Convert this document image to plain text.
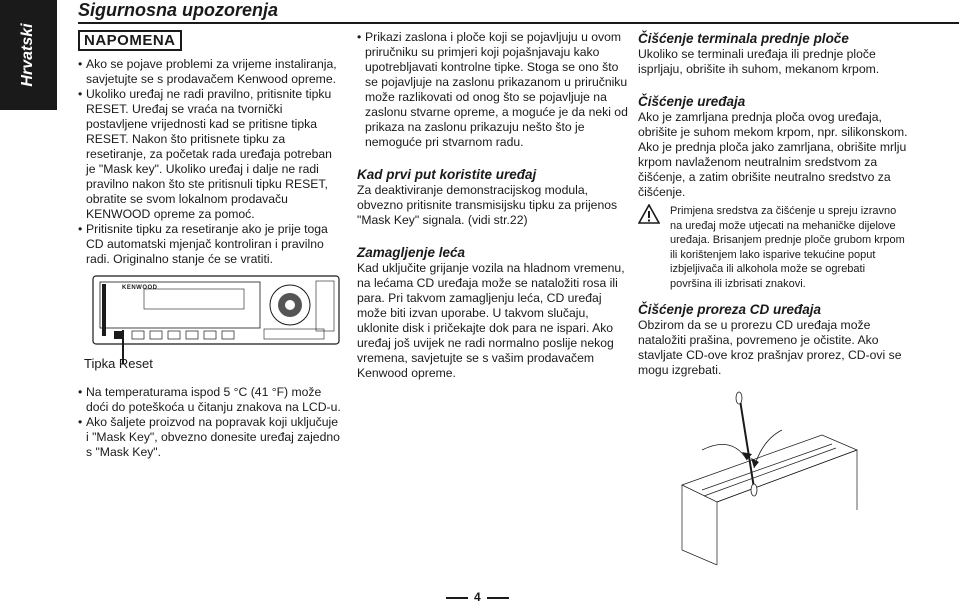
Hrvatski
Sigurnosna upozorenja
NAPOMENA
• Ako se pojave problemi za vrijeme instaliranja, savjetujte se s prodavačem Kenwood opreme.
• Ukoliko uređaj ne radi pravilno, pritisnite tipku RESET. Uređaj se vraća na tvornički postavljene vrijednosti kad se pritisne tipka RESET. Nakon što pritisnete tipku za resetiranje, za početak rada uređaja potreban je "Mask key". Ukoliko uređaj i dalje ne radi pravilno nakon što ste pritisnuli tipku RESET, obratite se svom lokalnom prodavaču KENWOOD opreme za pomoć.
• Pritisnite tipku za resetiranje ako je prije toga CD automatski mjenjač kontroliran i pravilno radi. Originalno stanje će se vratiti.
KENWOOD
Tipka Reset
• Na temperaturama ispod 5 °C (41 °F) može doći do poteškoća u čitanju znakova na LCD-u.
• Ako šaljete proizvod na popravak koji uključuje i "Mask Key", obvezno donesite uređaj zajedno s "Mask Key".
• Prikazi zaslona i ploče koji se pojavljuju u ovom priručniku su primjeri koji pojašnjavaju kako upotrebljavati kontrolne tipke. Stoga se ono što se pojavljuje na zaslonu prikazanom u priručniku može razlikovati od onog što se pojavljuje na zaslonu stvarne opreme, a moguće je da neki od prikaza na zaslonu prikazuju nešto što je nemoguće pri stvarnom radu.
Kad prvi put koristite uređaj

Za deaktiviranje demonstracijskog modula, obvezno pritisnite transmisijsku tipku za prijenos "Mask Key" signala. (vidi str.22)

Zamagljenje leća

Kad uključite grijanje vozila na hladnom vremenu, na lećama CD uređaja može se nataložiti rosa ili para. Pri takvom zamagljenju leća, CD uređaj može biti izvan uporabe. U takvom slučaju, uklonite disk i pričekajte dok para ne ispari. Ako uređaj još uvijek ne radi normalno poslije nekog vremena, savjetujte se s vašim prodavačem Kenwood opreme.

Čišćenje terminala prednje ploče

Ukoliko se terminali uređaja ili prednje ploče isprljaju, obrišite ih suhom, mekanom krpom.

Čišćenje uređaja

Ako je zamrljana prednja ploča ovog uređaja, obrišite je suhom mekom krpom, npr. silikonskom. Ako je prednja ploča jako zamrljana, obrišite mrlju krpom navlaženom neutralnim sredstvom za čišćenje, a zatim obrišite neutralno sredstvo za čišćenje.

Primjena sredstva za čišćenje u spreju izravno na uređaj može utjecati na mehaničke dijelove uređaja. Brisanjem prednje ploče grubom krpom ili korištenjem lako isparive tekućine poput izbjeljivača ili alkohola može se ogrebati površina ili izbrisati znakovi.

Čišćenje proreza CD uređaja

Obzirom da se u prorezu CD uređaja može nataložiti prašina, povremeno je očistite. Ako stavljate CD-ove kroz prašnjav prorez, CD-ovi se mogu izgrebati.

4
